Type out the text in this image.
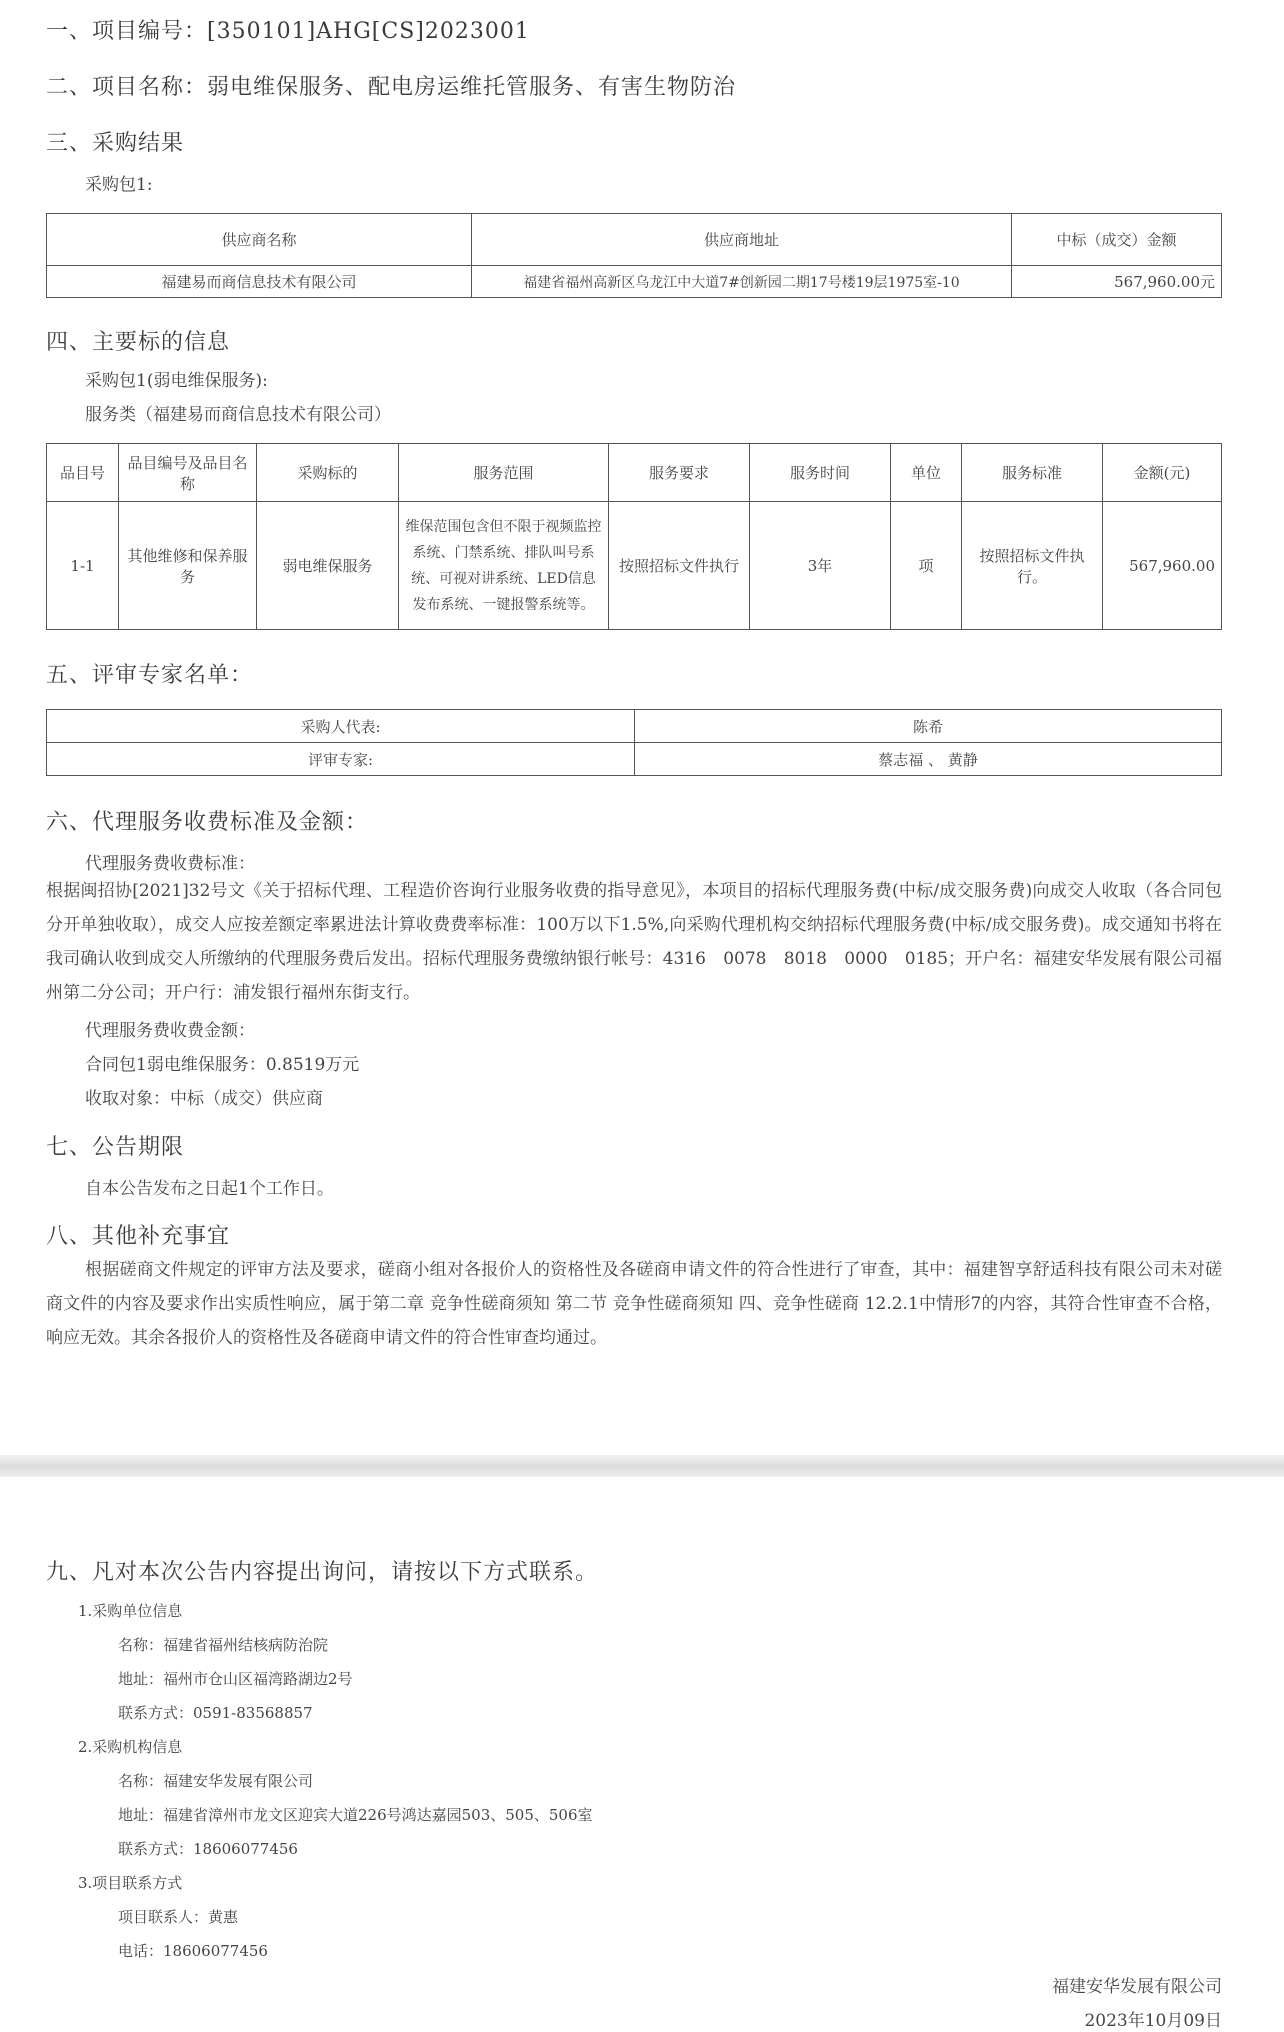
一、项目编号：[350101]AHG[CS]2023001
二、项目名称：弱电维保服务、配电房运维托管服务、有害生物防治
三、采购结果
采购包1:
供应商名称	供应商地址	中标（成交）金额
福建易而商信息技术有限公司	福建省福州高新区乌龙江中大道7#创新园二期17号楼19层1975室-10	567,960.00元
四、主要标的信息
采购包1(弱电维保服务):
服务类（福建易而商信息技术有限公司）
品目号	品目编号及品目名称	采购标的	服务范围	服务要求	服务时间	单位	服务标准	金额(元)
1-1	其他维修和保养服务	弱电维保服务	维保范围包含但不限于视频监控系统、门禁系统、排队叫号系统、可视对讲系统、LED信息发布系统、一键报警系统等。	按照招标文件执行	3年	项	按照招标文件执行。	567,960.00
五、评审专家名单：
采购人代表:	陈希
评审专家:	蔡志福 、 黄静
六、代理服务收费标准及金额：
代理服务费收费标准：
根据闽招协[2021]32号文《关于招标代理、工程造价咨询行业服务收费的指导意见》，本项目的招标代理服务费(中标/成交服务费)向成交人收取（各合同包分开单独收取），成交人应按差额定率累进法计算收费费率标准：100万以下1.5%,向采购代理机构交纳招标代理服务费(中标/成交服务费)。成交通知书将在我司确认收到成交人所缴纳的代理服务费后发出。招标代理服务费缴纳银行帐号：4316　0078　8018　0000　0185；开户名：福建安华发展有限公司福州第二分公司；开户行：浦发银行福州东街支行。
代理服务费收费金额：
合同包1弱电维保服务：0.8519万元
收取对象：中标（成交）供应商
七、公告期限
自本公告发布之日起1个工作日。
八、其他补充事宜
根据磋商文件规定的评审方法及要求，磋商小组对各报价人的资格性及各磋商申请文件的符合性进行了审查，其中：福建智享舒适科技有限公司未对磋商文件的内容及要求作出实质性响应，属于第二章 竞争性磋商须知 第二节 竞争性磋商须知 四、竞争性磋商 12.2.1中情形7的内容，其符合性审查不合格，响应无效。其余各报价人的资格性及各磋商申请文件的符合性审查均通过。
九、凡对本次公告内容提出询问，请按以下方式联系。
1.采购单位信息
名称：福建省福州结核病防治院
地址：福州市仓山区福湾路湖边2号
联系方式：0591-83568857
2.采购机构信息
名称：福建安华发展有限公司
地址：福建省漳州市龙文区迎宾大道226号鸿达嘉园503、505、506室
联系方式：18606077456
3.项目联系方式
项目联系人：黄惠
电话：18606077456
福建安华发展有限公司
2023年10月09日
